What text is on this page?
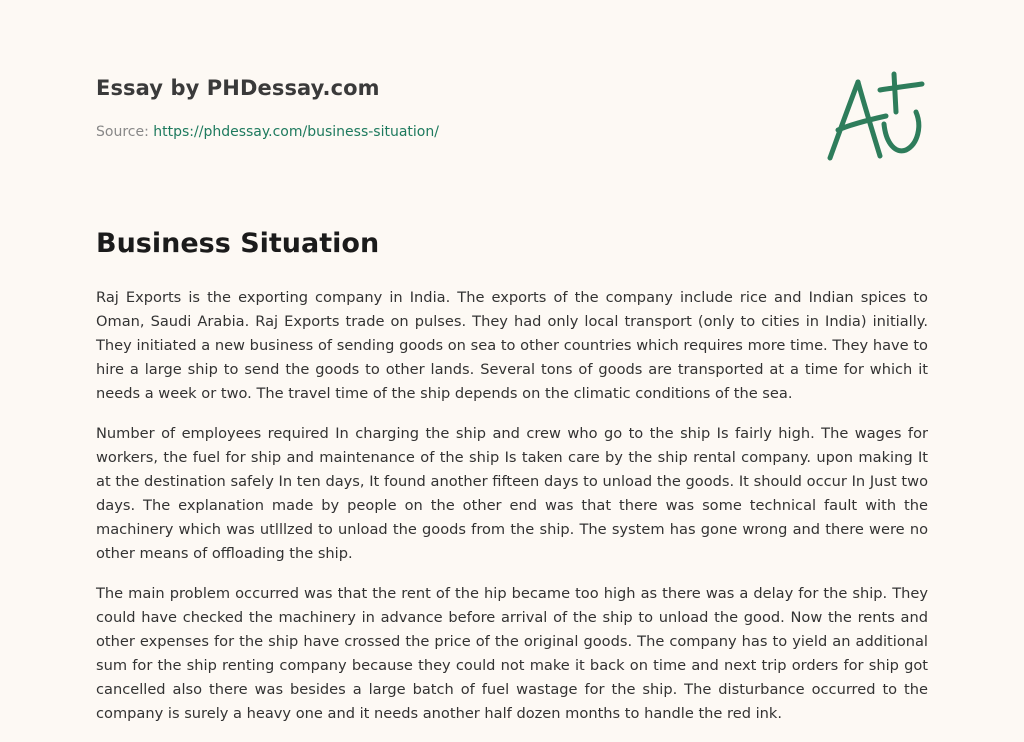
Essay by PHDessay.com
Source: https://phdessay.com/business-situation/
Business Situation

Raj Exports is the exporting company in India. The exports of the company include rice and Indian spices to Oman, Saudi Arabia. Raj Exports trade on pulses. They had only local transport (only to cities in India) initially. They initiated a new business of sending goods on sea to other countries which requires more time. They have to hire a large ship to send the goods to other lands. Several tons of goods are transported at a time for which it needs a week or two. The travel time of the ship depends on the climatic conditions of the sea.

Number of employees required In charging the ship and crew who go to the ship Is fairly high. The wages for workers, the fuel for ship and maintenance of the ship Is taken care by the ship rental company. upon making It at the destination safely In ten days, It found another fifteen days to unload the goods. It should occur In Just two days. The explanation made by people on the other end was that there was some technical fault with the machinery which was utlllzed to unload the goods from the ship. The system has gone wrong and there were no other means of offloading the ship.

The main problem occurred was that the rent of the hip became too high as there was a delay for the ship. They could have checked the machinery in advance before arrival of the ship to unload the good. Now the rents and other expenses for the ship have crossed the price of the original goods. The company has to yield an additional sum for the ship renting company because they could not make it back on time and next trip orders for ship got cancelled also there was besides a large batch of fuel wastage for the ship. The disturbance occurred to the company is surely a heavy one and it needs another half dozen months to handle the red ink.
